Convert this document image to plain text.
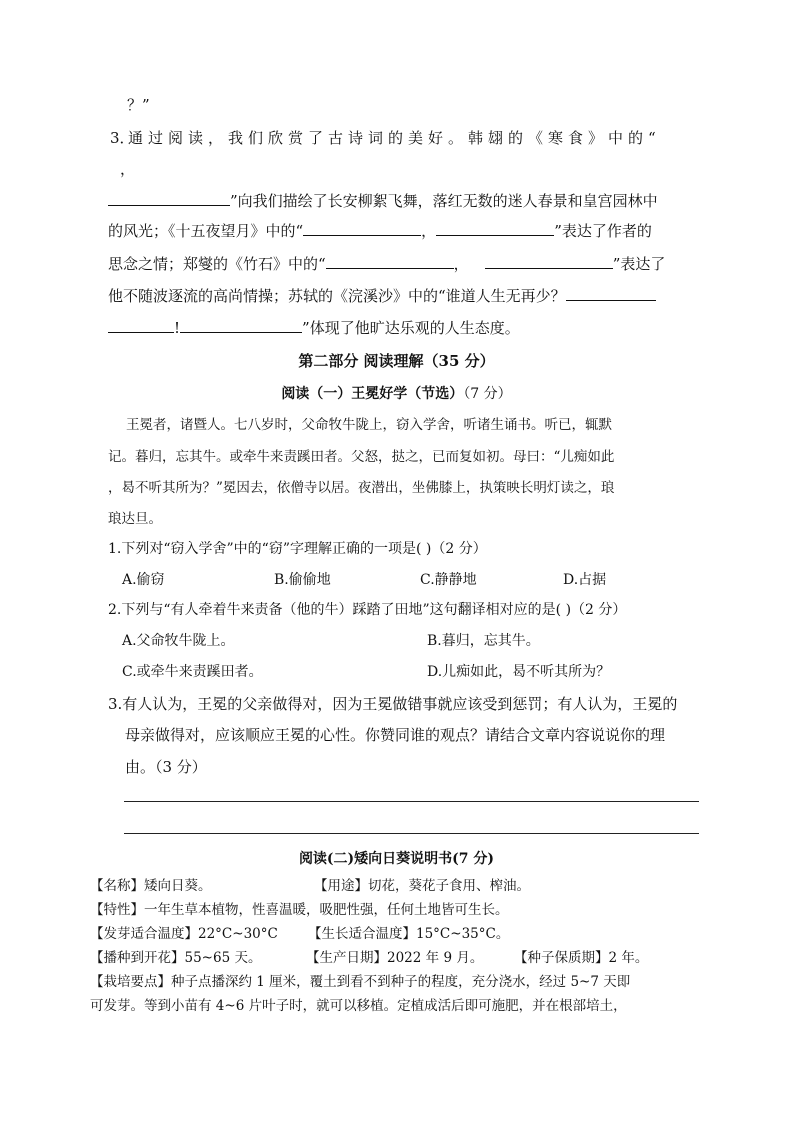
？”
3．
通过阅读，我们欣赏了古诗词的美好。韩翃的《寒食》中的“
，
”向我们描绘了长安柳絮飞舞，落红无数的迷人春景和皇宫园林中
的风光；《十五夜望月》中的“	，	”表达了作者的
思念之情；郑燮的《竹石》中的“	，	”表达了
他不随波逐流的高尚情操；苏轼的《浣溪沙》中的“谁道人生无再少？
!	”体现了他旷达乐观的人生态度。
第二部分 阅读理解（35 分）
阅读（一）王冕好学（节选）（7 分）
王冕者，诸暨人。七八岁时，父命牧牛陇上，窃入学舍，听诸生诵书。听已，辄默
记。暮归，忘其牛。或牵牛来责蹊田者。父怒，挞之，已而复如初。母曰：“儿痴如此
，曷不听其所为？”冕因去，依僧寺以居。夜潜出，坐佛膝上，执策映长明灯读之，琅
琅达旦。
1.下列对“窃入学舍”中的“窃”字理解正确的一项是( )（2 分）
A.偷窃	B.偷偷地	C.静静地	D.占据
2.下列与“有人牵着牛来责备（他的牛）踩踏了田地”这句翻译相对应的是( )（2 分）
A.父命牧牛陇上。	B.暮归，忘其牛。
C.或牵牛来责蹊田者。	D.儿痴如此，曷不听其所为？
3.有人认为，王冕的父亲做得对，因为王冕做错事就应该受到惩罚；有人认为，王冕的
母亲做得对，应该顺应王冕的心性。你赞同谁的观点？请结合文章内容说说你的理
由。（3 分）
阅读(二)矮向日葵说明书(7 分)
【名称】矮向日葵。	【用途】切花，葵花子食用、榨油。
【特性】一年生草本植物，性喜温暖，吸肥性强，任何土地皆可生长。
【发芽适合温度】22°C~30°C 【生长适合温度】15°C~35°C。
【播种到开花】55~65 天。	【生产日期】2022 年 9 月。 【种子保质期】2 年。
【栽培要点】种子点播深约 1 厘米，覆土到看不到种子的程度，充分浇水，经过 5~7 天即
可发芽。等到小苗有 4~6 片叶子时，就可以移植。定植成活后即可施肥，并在根部培土，
